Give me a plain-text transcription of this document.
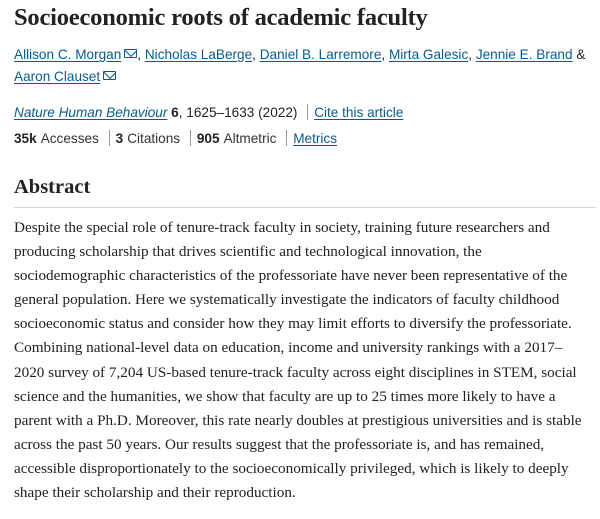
Socioeconomic roots of academic faculty
Allison C. Morgan , Nicholas LaBerge, Daniel B. Larremore, Mirta Galesic, Jennie E. Brand & Aaron Clauset
Nature Human Behaviour 6, 1625–1633 (2022) Cite this article
35k Accesses 3 Citations 905 Altmetric Metrics
Abstract

Despite the special role of tenure-track faculty in society, training future researchers and
producing scholarship that drives scientific and technological innovation, the
sociodemographic characteristics of the professoriate have never been representative of the
general population. Here we systematically investigate the indicators of faculty childhood
socioeconomic status and consider how they may limit efforts to diversify the professoriate.
Combining national-level data on education, income and university rankings with a 2017–
2020 survey of 7,204 US-based tenure-track faculty across eight disciplines in STEM, social
science and the humanities, we show that faculty are up to 25 times more likely to have a
parent with a Ph.D. Moreover, this rate nearly doubles at prestigious universities and is stable
across the past 50 years. Our results suggest that the professoriate is, and has remained,
accessible disproportionately to the socioeconomically privileged, which is likely to deeply
shape their scholarship and their reproduction.
